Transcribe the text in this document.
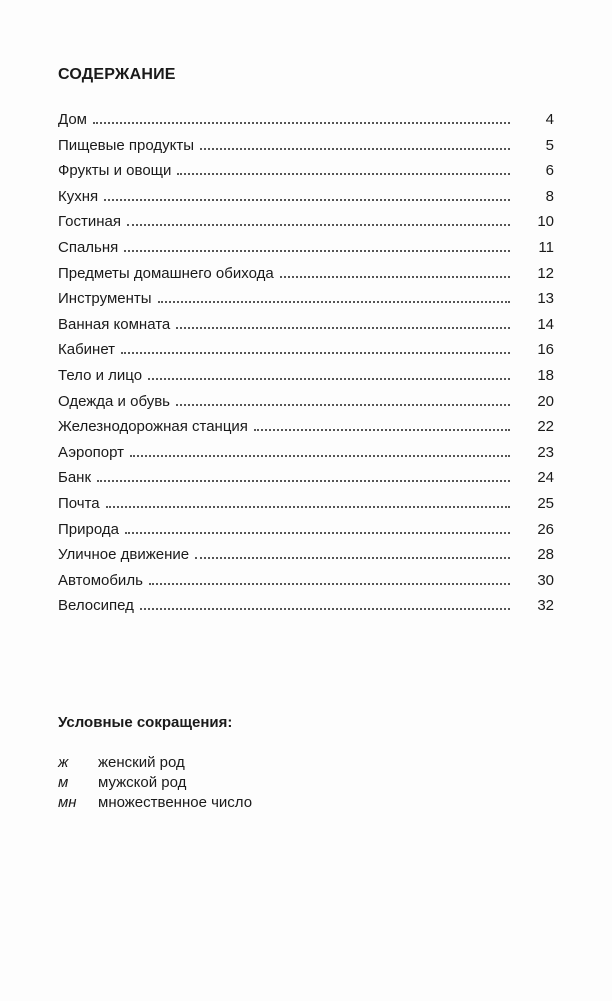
СОДЕРЖАНИЕ
Дом	4
Пищевые продукты	5
Фрукты и овощи	6
Кухня	8
Гостиная	10
Спальня	11
Предметы домашнего обихода	12
Инструменты	13
Ванная комната	14
Кабинет	16
Тело и лицо	18
Одежда и обувь	20
Железнодорожная станция	22
Аэропорт	23
Банк	24
Почта	25
Природа	26
Уличное движение	28
Автомобиль	30
Велосипед	32
Условные сокращения:
ж	женский род
м	мужской род
мн	множественное число
